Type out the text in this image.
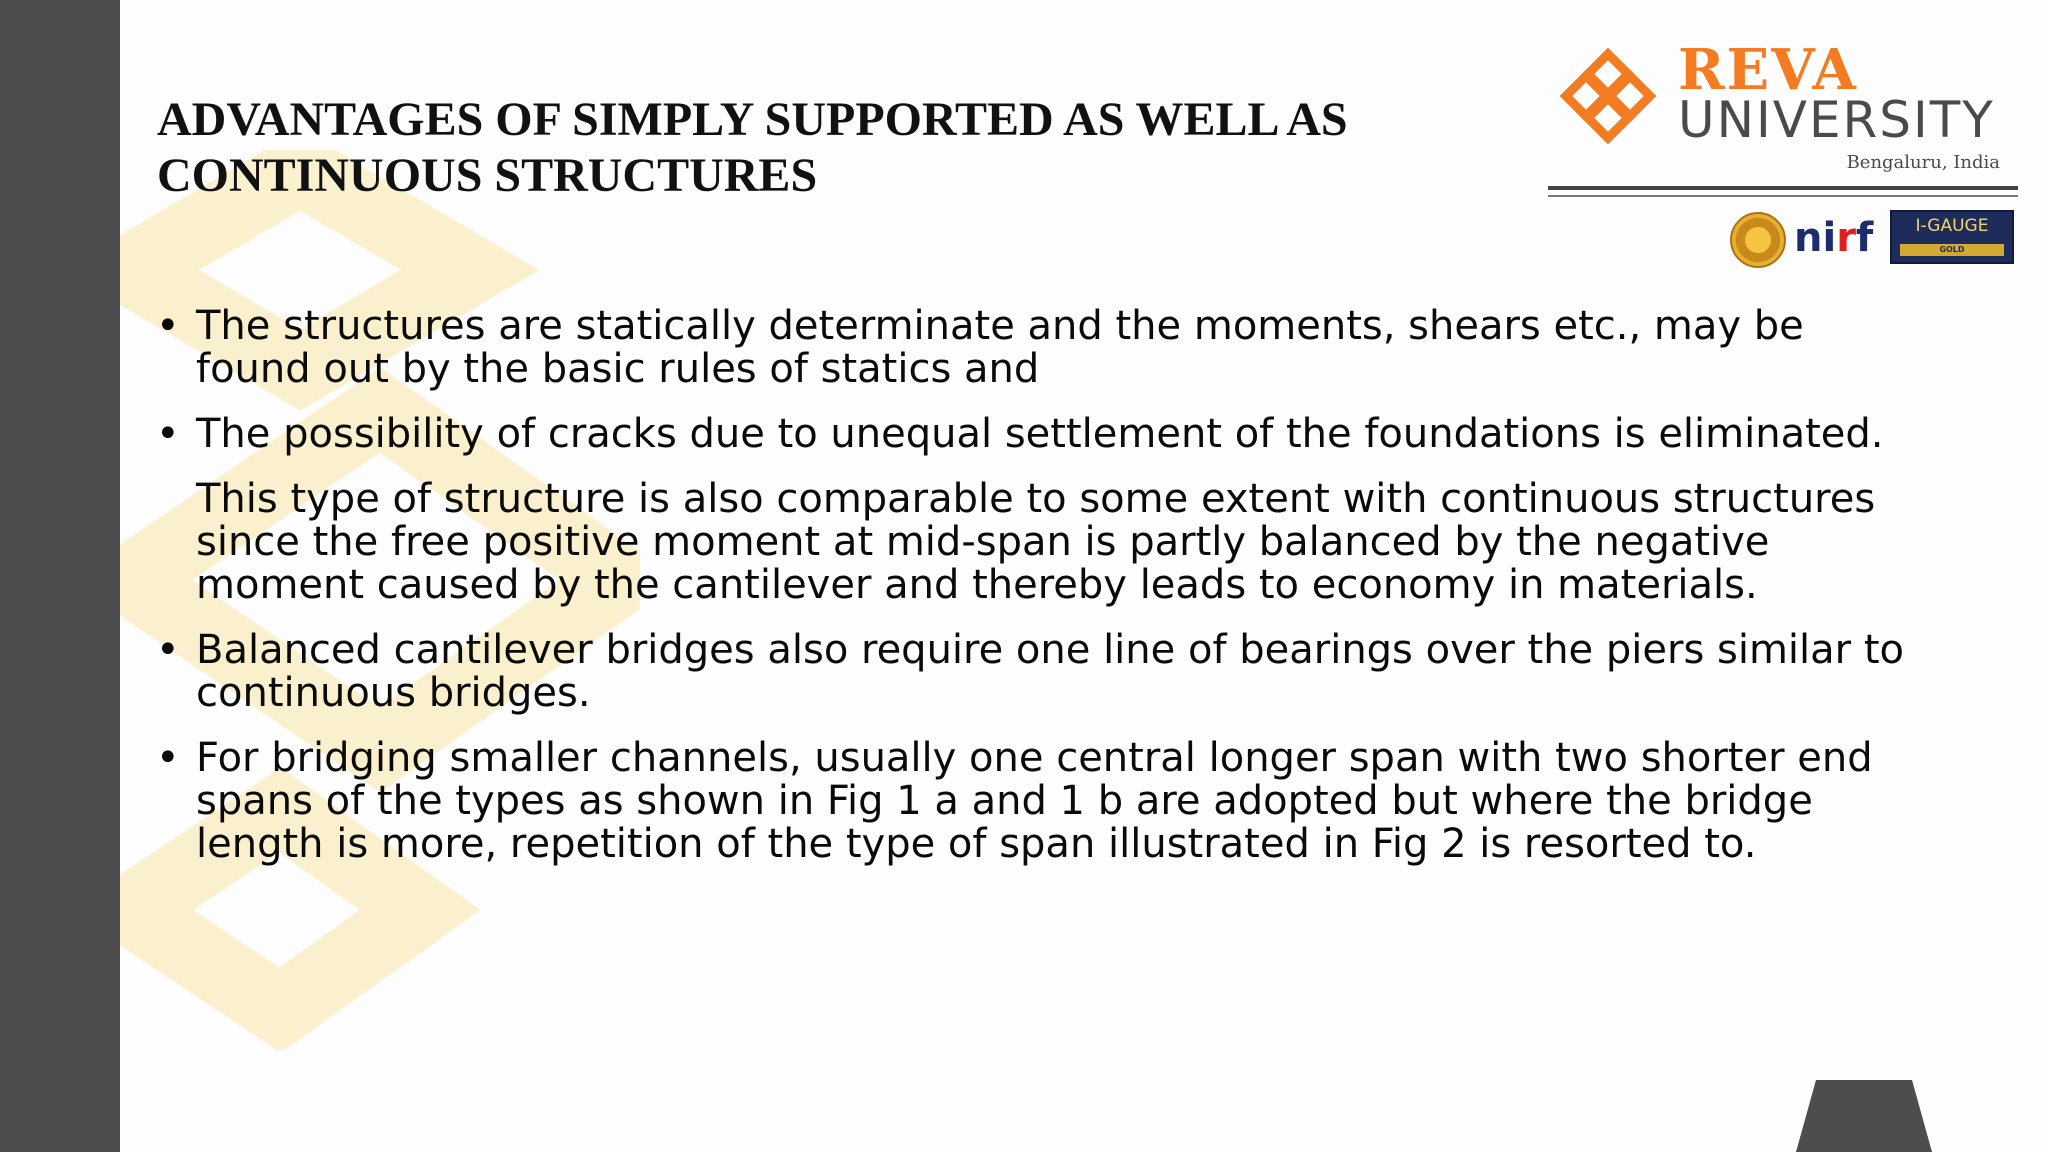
ADVANTAGES OF SIMPLY SUPPORTED AS WELL AS
CONTINUOUS STRUCTURES
REVA
UNIVERSITY
Bengaluru, India
nirf	I-GAUGE
GOLD
• The structures are statically determinate and the moments, shears etc., may be found out by the basic rules of statics and
• The possibility of cracks due to unequal settlement of the foundations is eliminated.
This type of structure is also comparable to some extent with continuous structures since the free positive moment at mid-span is partly balanced by the negative moment caused by the cantilever and thereby leads to economy in materials.
• Balanced cantilever bridges also require one line of bearings over the piers similar to continuous bridges.
• For bridging smaller channels, usually one central longer span with two shorter end spans of the types as shown in Fig 1 a and 1 b are adopted but where the bridge length is more, repetition of the type of span illustrated in Fig 2 is resorted to.
